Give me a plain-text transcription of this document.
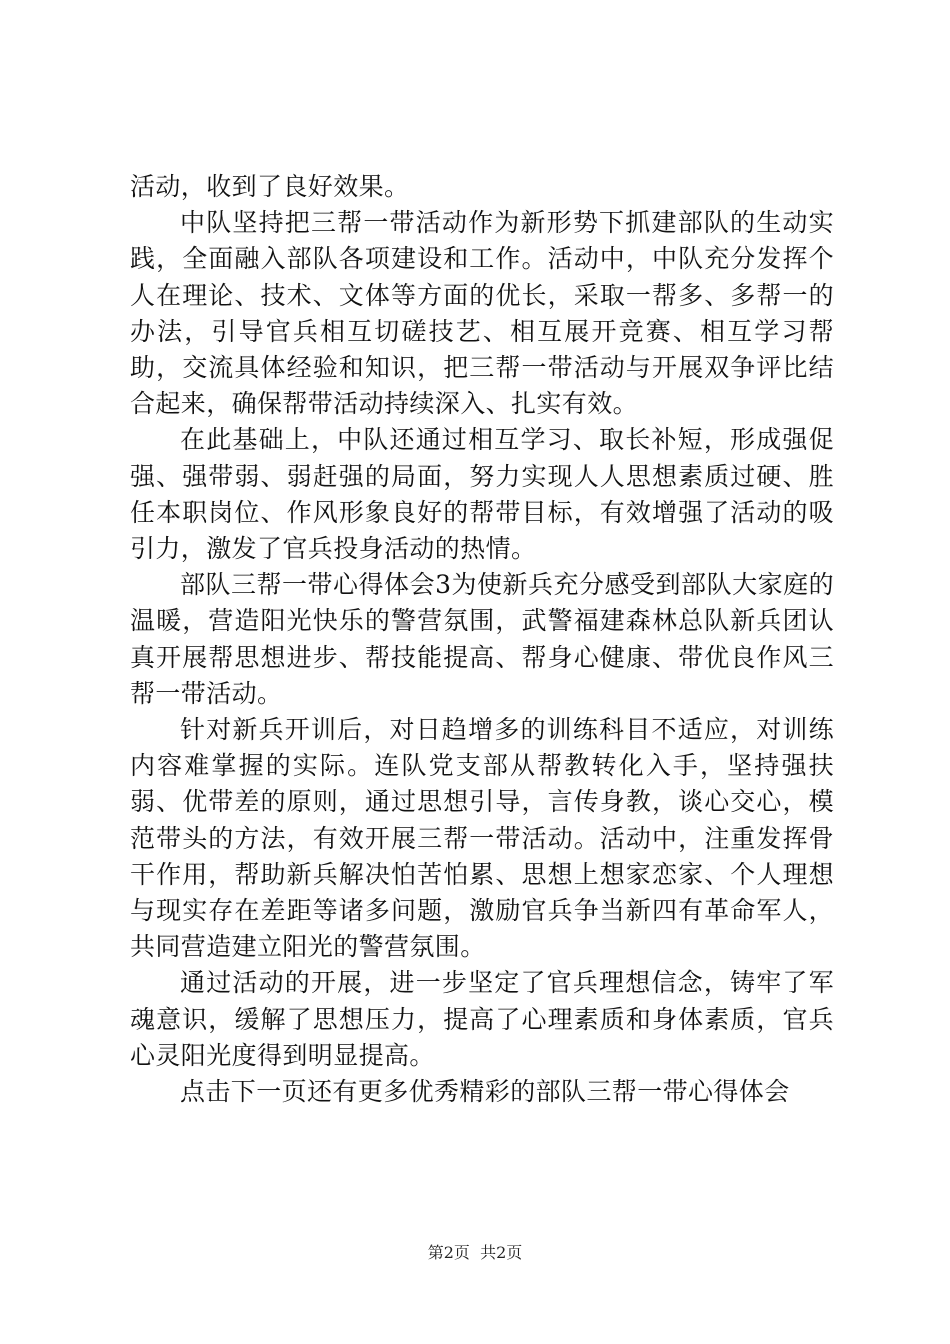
活动，收到了良好效果。

中队坚持把三帮一带活动作为新形势下抓建部队的生动实践，全面融入部队各项建设和工作。活动中，中队充分发挥个人在理论、技术、文体等方面的优长，采取一帮多、多帮一的办法，引导官兵相互切磋技艺、相互展开竞赛、相互学习帮助，交流具体经验和知识，把三帮一带活动与开展双争评比结合起来，确保帮带活动持续深入、扎实有效。

在此基础上，中队还通过相互学习、取长补短，形成强促强、强带弱、弱赶强的局面，努力实现人人思想素质过硬、胜任本职岗位、作风形象良好的帮带目标，有效增强了活动的吸引力，激发了官兵投身活动的热情。

部队三帮一带心得体会3为使新兵充分感受到部队大家庭的温暖，营造阳光快乐的警营氛围，武警福建森林总队新兵团认真开展帮思想进步、帮技能提高、帮身心健康、带优良作风三帮一带活动。

针对新兵开训后，对日趋增多的训练科目不适应，对训练内容难掌握的实际。连队党支部从帮教转化入手，坚持强扶弱、优带差的原则，通过思想引导，言传身教，谈心交心，模范带头的方法，有效开展三帮一带活动。活动中，注重发挥骨干作用，帮助新兵解决怕苦怕累、思想上想家恋家、个人理想与现实存在差距等诸多问题，激励官兵争当新四有革命军人，共同营造建立阳光的警营氛围。

通过活动的开展，进一步坚定了官兵理想信念，铸牢了军魂意识，缓解了思想压力，提高了心理素质和身体素质，官兵心灵阳光度得到明显提高。

点击下一页还有更多优秀精彩的部队三帮一带心得体会

第2页 共2页
